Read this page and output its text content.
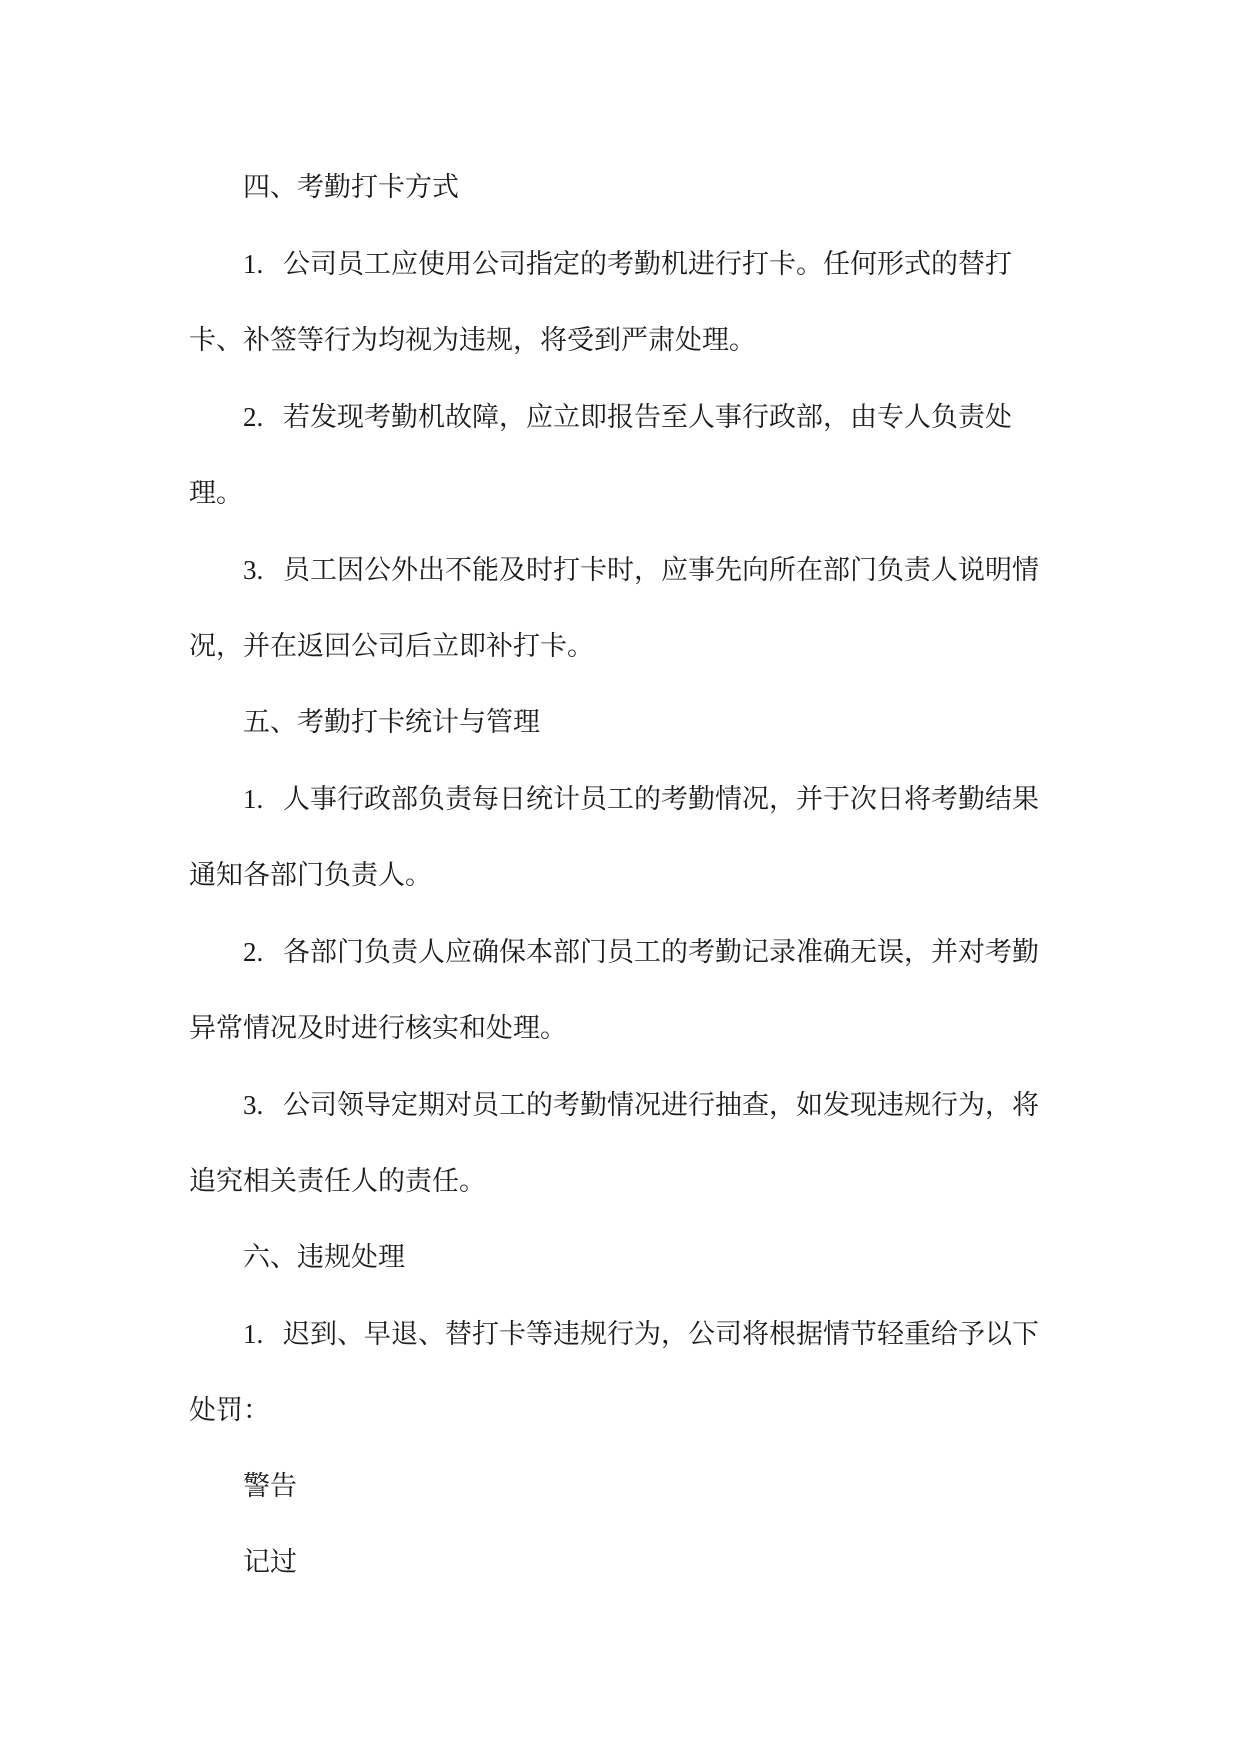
四、考勤打卡方式

1. 公司员工应使用公司指定的考勤机进行打卡。任何形式的替打卡、补签等行为均视为违规，将受到严肃处理。

2. 若发现考勤机故障，应立即报告至人事行政部，由专人负责处理。

3. 员工因公外出不能及时打卡时，应事先向所在部门负责人说明情况，并在返回公司后立即补打卡。

五、考勤打卡统计与管理

1. 人事行政部负责每日统计员工的考勤情况，并于次日将考勤结果通知各部门负责人。

2. 各部门负责人应确保本部门员工的考勤记录准确无误，并对考勤异常情况及时进行核实和处理。

3. 公司领导定期对员工的考勤情况进行抽查，如发现违规行为，将追究相关责任人的责任。

六、违规处理

1. 迟到、早退、替打卡等违规行为，公司将根据情节轻重给予以下处罚：

警告

记过
